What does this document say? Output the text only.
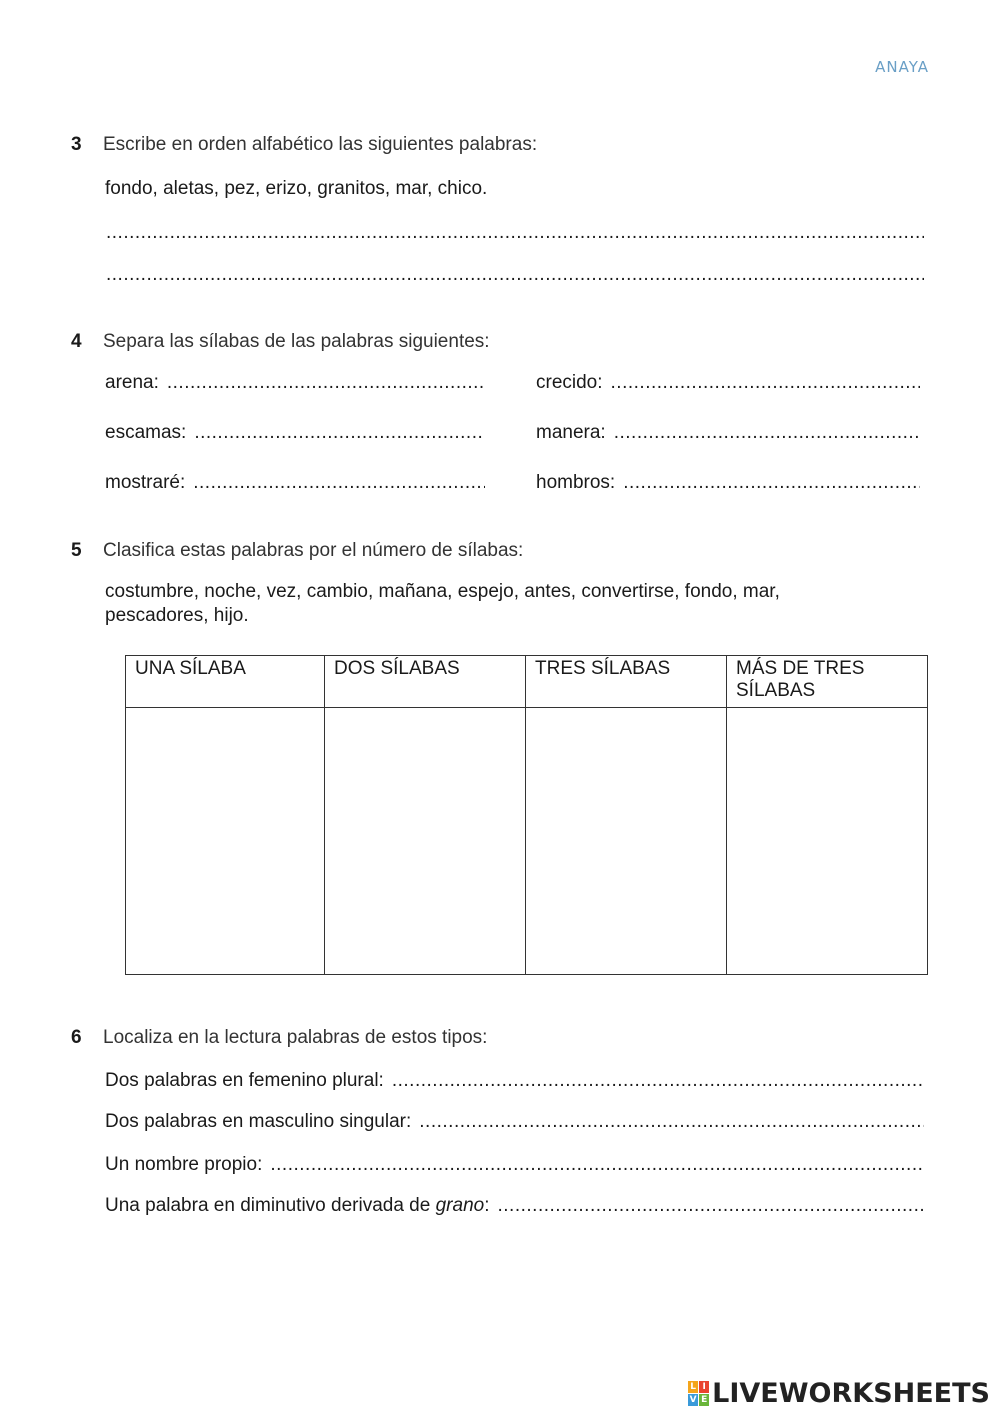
ANAYA
3 Escribe en orden alfabético las siguientes palabras:
fondo, aletas, pez, erizo, granitos, mar, chico.
.....
.....
4 Separa las sílabas de las palabras siguientes:
arena:
.....
escamas:
.....
mostraré:
.....
crecido:
.....
manera:
.....
hombros:
.....
5 Clasifica estas palabras por el número de sílabas:
costumbre, noche, vez, cambio, mañana, espejo, antes, convertirse, fondo, mar,
pescadores, hijo.
UNA SÍLABA	DOS SÍLABAS	TRES SÍLABAS	MÁS DE TRES SÍLABAS

6 Localiza en la lectura palabras de estos tipos:
Dos palabras en femenino plural:
.....
Dos palabras en masculino singular:
.....
Un nombre propio:
.....
Una palabra en diminutivo derivada de grano:
.....
L I
V E LIVEWORKSHEETS
